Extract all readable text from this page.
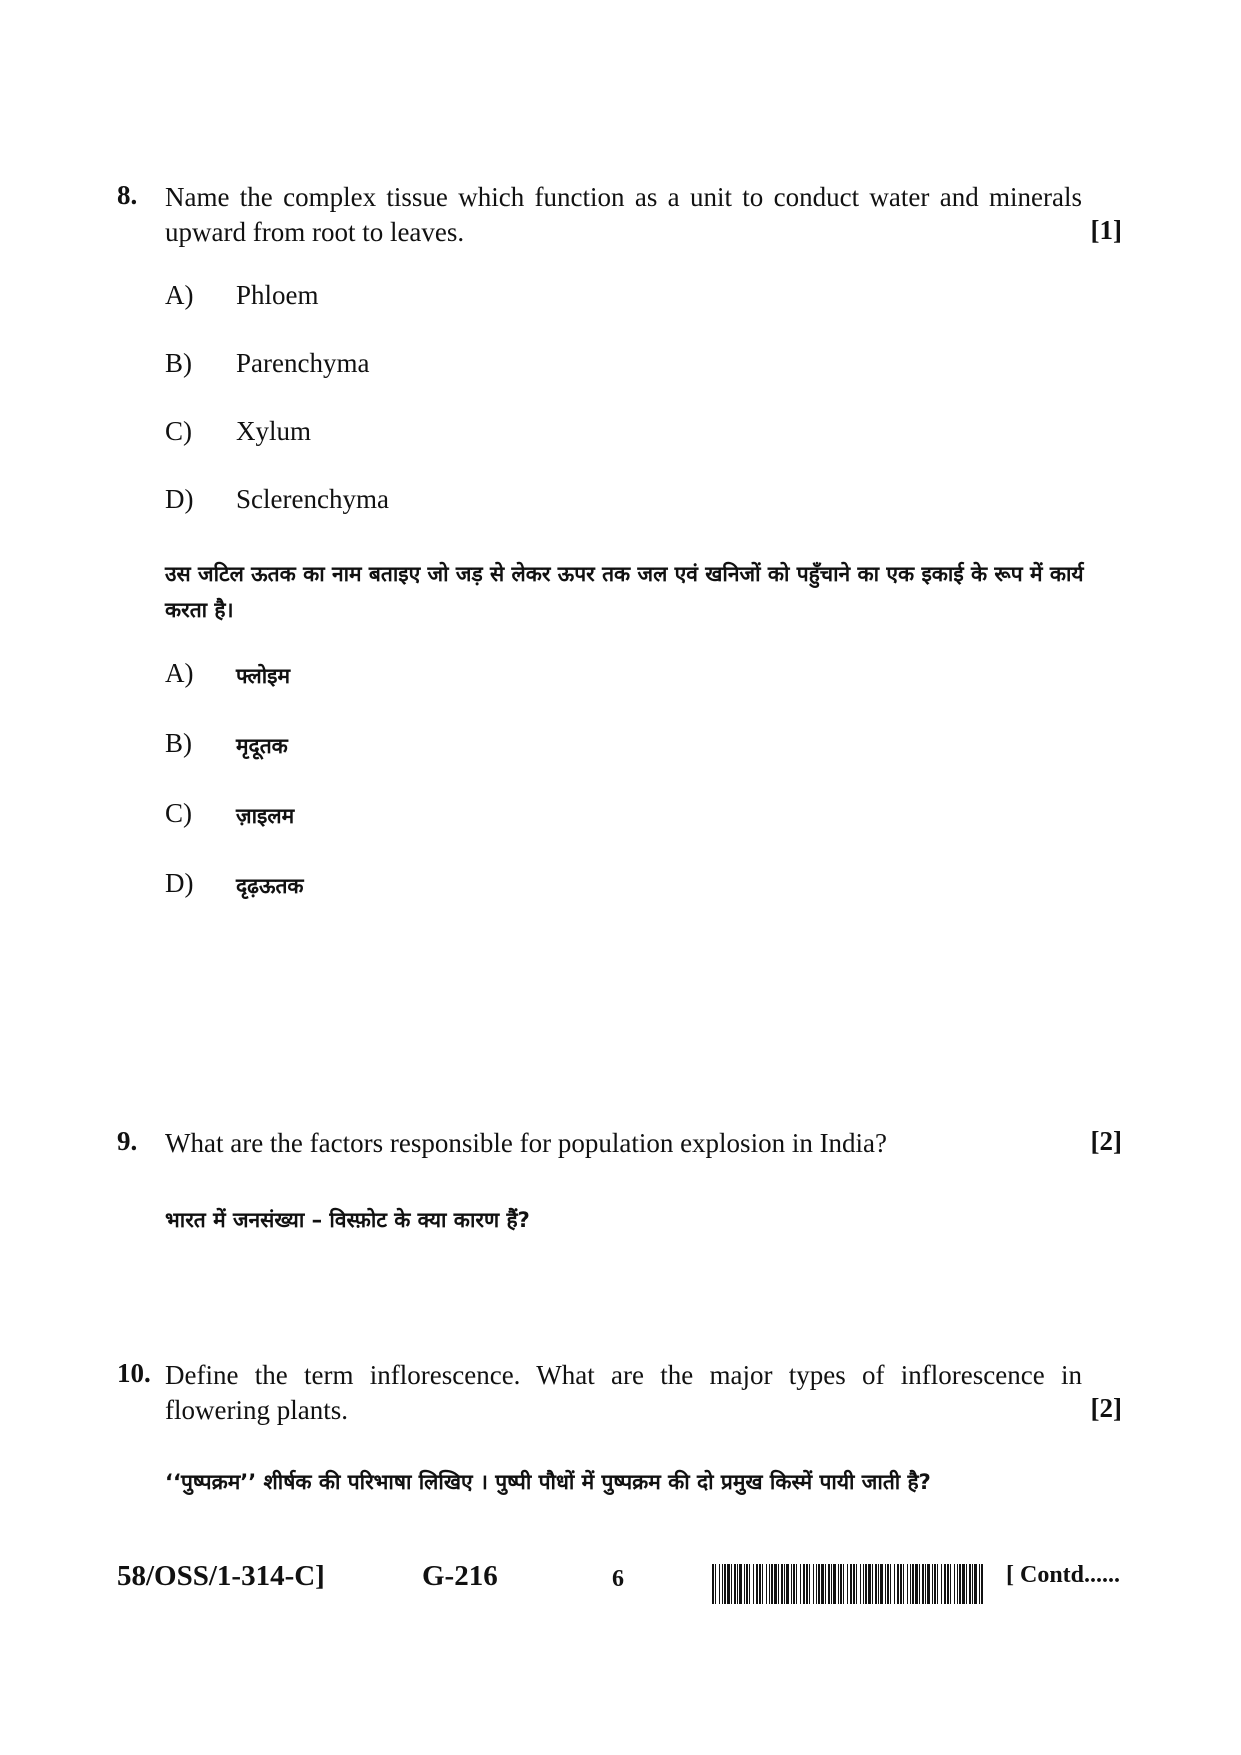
8. Name the complex tissue which function as a unit to conduct water and minerals upward from root to leaves.	[1]
A) Phloem
B) Parenchyma
C) Xylum
D) Sclerenchyma
उस जटिल ऊतक का नाम बताइए जो जड़ से लेकर ऊपर तक जल एवं खनिजों को पहुँचाने का एक इकाई के रूप में कार्य करता है।
A) फ्लोइम
B) मृदूतक
C) ज़ाइलम
D) दृढ़ऊतक
9. What are the factors responsible for population explosion in India?	[2]
भारत में जनसंख्या – विस्फ़ोट के क्या कारण हैं?
10. Define the term inflorescence. What are the major types of inflorescence in flowering plants.	[2]
‘‘पुष्पक्रम’’ शीर्षक की परिभाषा लिखिए । पुष्पी पौधों में पुष्पक्रम की दो प्रमुख किस्में पायी जाती है?
58/OSS/1-314-C]	G-216	6	[ Contd......
